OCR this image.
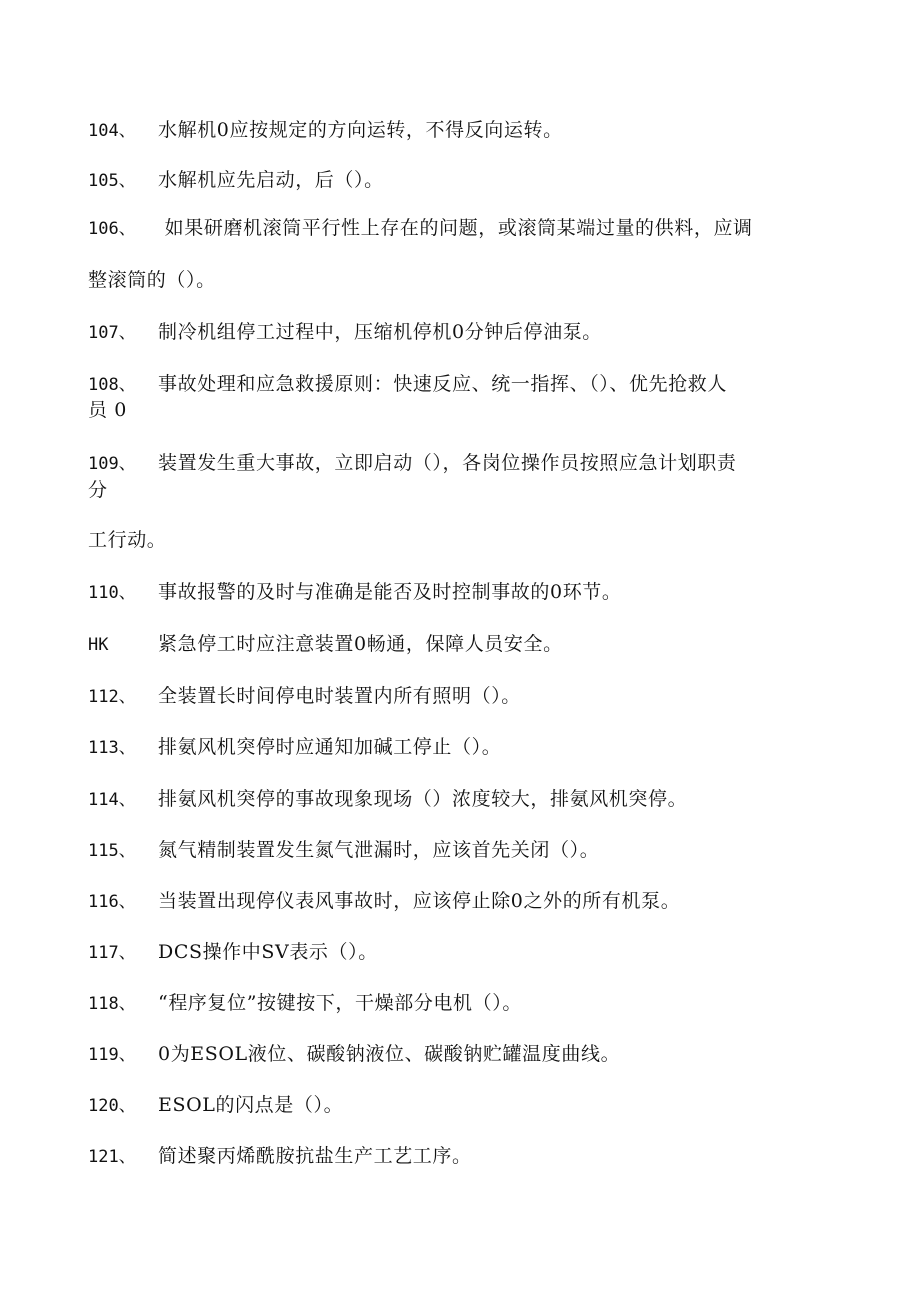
104、 水解机0应按规定的方向运转，不得反向运转。
105、 水解机应先启动，后（）。
106、 如果研磨机滚筒平行性上存在的问题，或滚筒某端过量的供料，应调
整滚筒的（）。
107、 制冷机组停工过程中，压缩机停机0分钟后停油泵。
108、 事故处理和应急救援原则：快速反应、统一指挥、（）、优先抢救人
员 0
109、 装置发生重大事故，立即启动（），各岗位操作员按照应急计划职责
分
工行动。
110、 事故报警的及时与准确是能否及时控制事故的0环节。
HK	紧急停工时应注意装置0畅通，保障人员安全。
112、 全装置长时间停电时装置内所有照明（）。
113、 排氨风机突停时应通知加碱工停止（）。
114、 排氨风机突停的事故现象现场（）浓度较大，排氨风机突停。
115、 氮气精制装置发生氮气泄漏时，应该首先关闭（）。
116、 当装置出现停仪表风事故时，应该停止除0之外的所有机泵。
117、 DCS操作中SV表示（）。
118、 “程序复位”按键按下，干燥部分电机（）。
119、 0为ESOL液位、碳酸钠液位、碳酸钠贮罐温度曲线。
120、 ESOL的闪点是（）。
121、 简述聚丙烯酰胺抗盐生产工艺工序。
